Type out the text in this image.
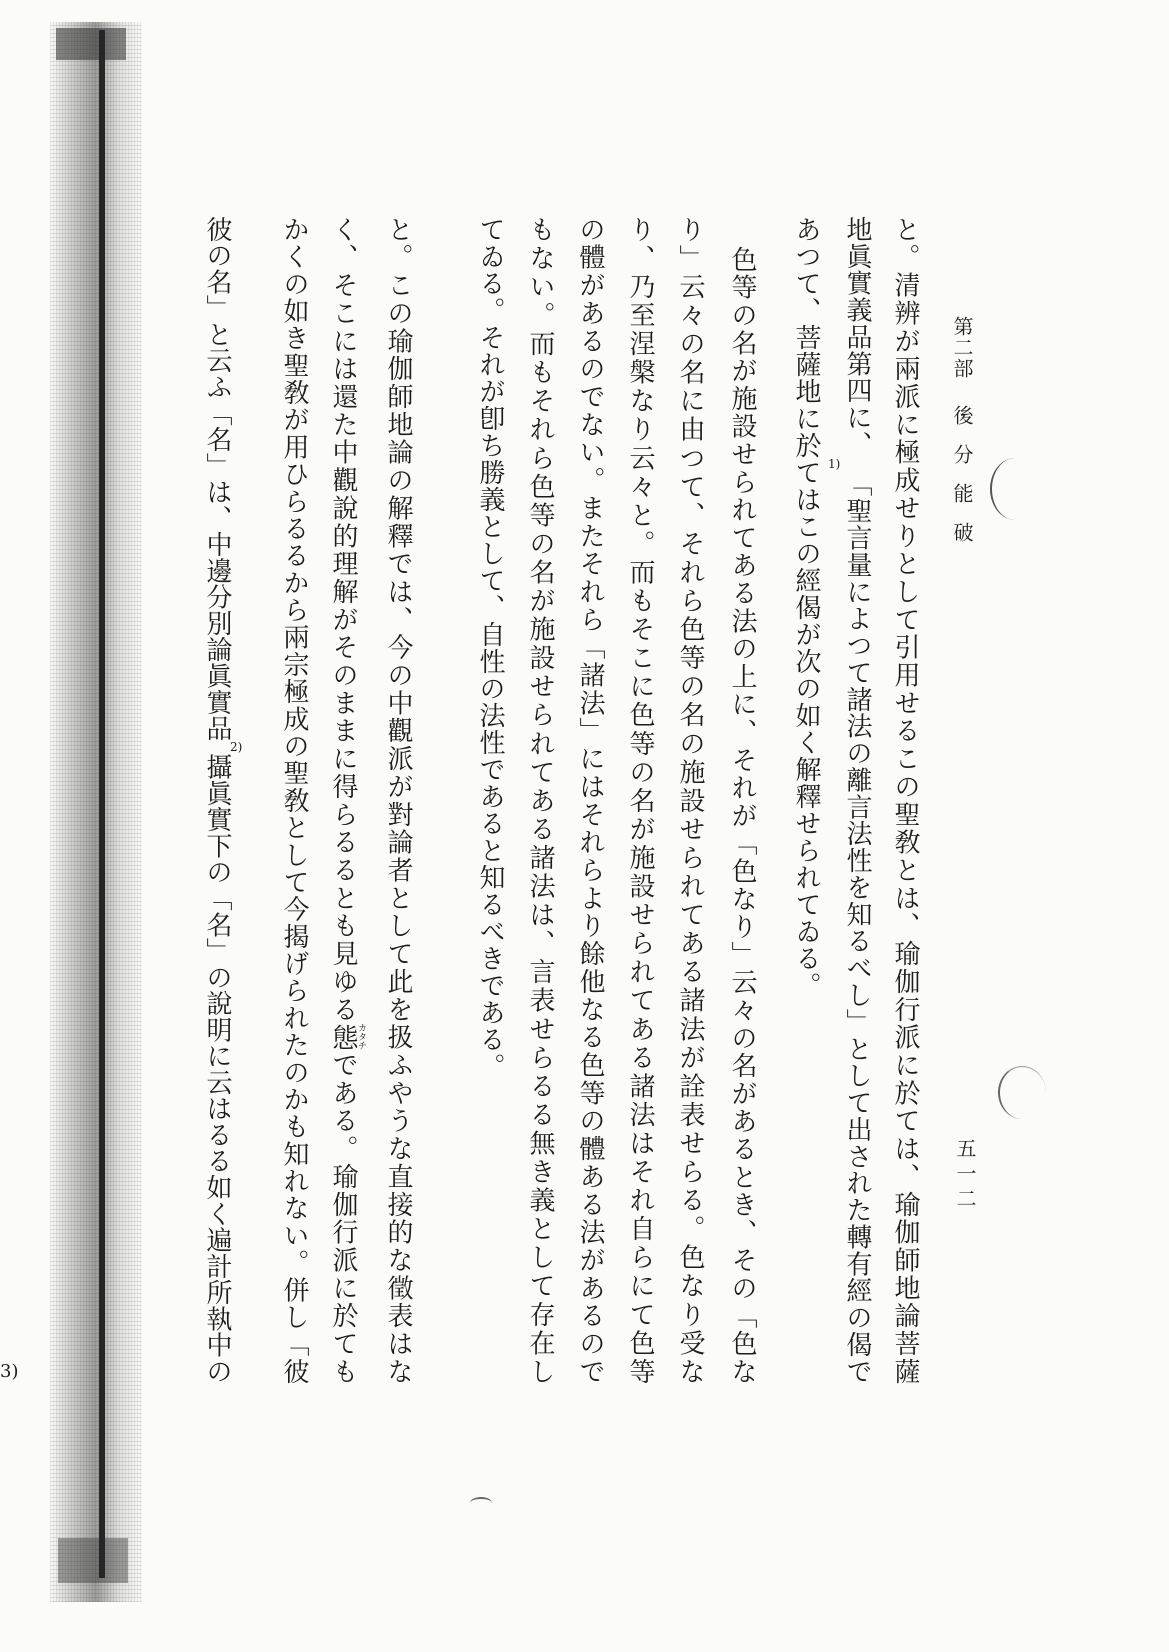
第二部後分能破
五一二
と。清辨が兩派に極成せりとして引用せるこの聖敎とは、瑜伽行派に於ては、瑜伽師地論菩薩
地眞實義品第四に、1)「聖言量によつて諸法の離言法性を知るべし」として出された轉有經の偈で
あつて、菩薩地に於てはこの經偈が次の如く解釋せられてゐる。
色等の名が施設せられてある法の上に、それが「色なり」云々の名があるとき、その「色な
り」云々の名に由つて、それら色等の名の施設せられてある諸法が詮表せらる。色なり受な
り、乃至涅槃なり云々と。而もそこに色等の名が施設せられてある諸法はそれ自らにて色等
の體があるのでない。またそれら「諸法」にはそれらより餘他なる色等の體ある法があるので
もない。而もそれら色等の名が施設せられてある諸法は、言表せらるる無き義として存在し
てゐる。それが卽ち勝義として、自性の法性であると知るべきである。
と。この瑜伽師地論の解釋では、今の中觀派が對論者として此を扱ふやうな直接的な徵表はな
く、そこには還た中觀說的理解がそのままに得らるるとも見ゆる態カタチである。瑜伽行派に於ても
かくの如き聖敎が用ひらるるから兩宗極成の聖敎として今揭げられたのかも知れない。併し「彼
彼の名」と云ふ「名」は、中邊分別論眞實品2)攝眞實下の「名」の說明に云はるる如く遍計所執中の
3)
